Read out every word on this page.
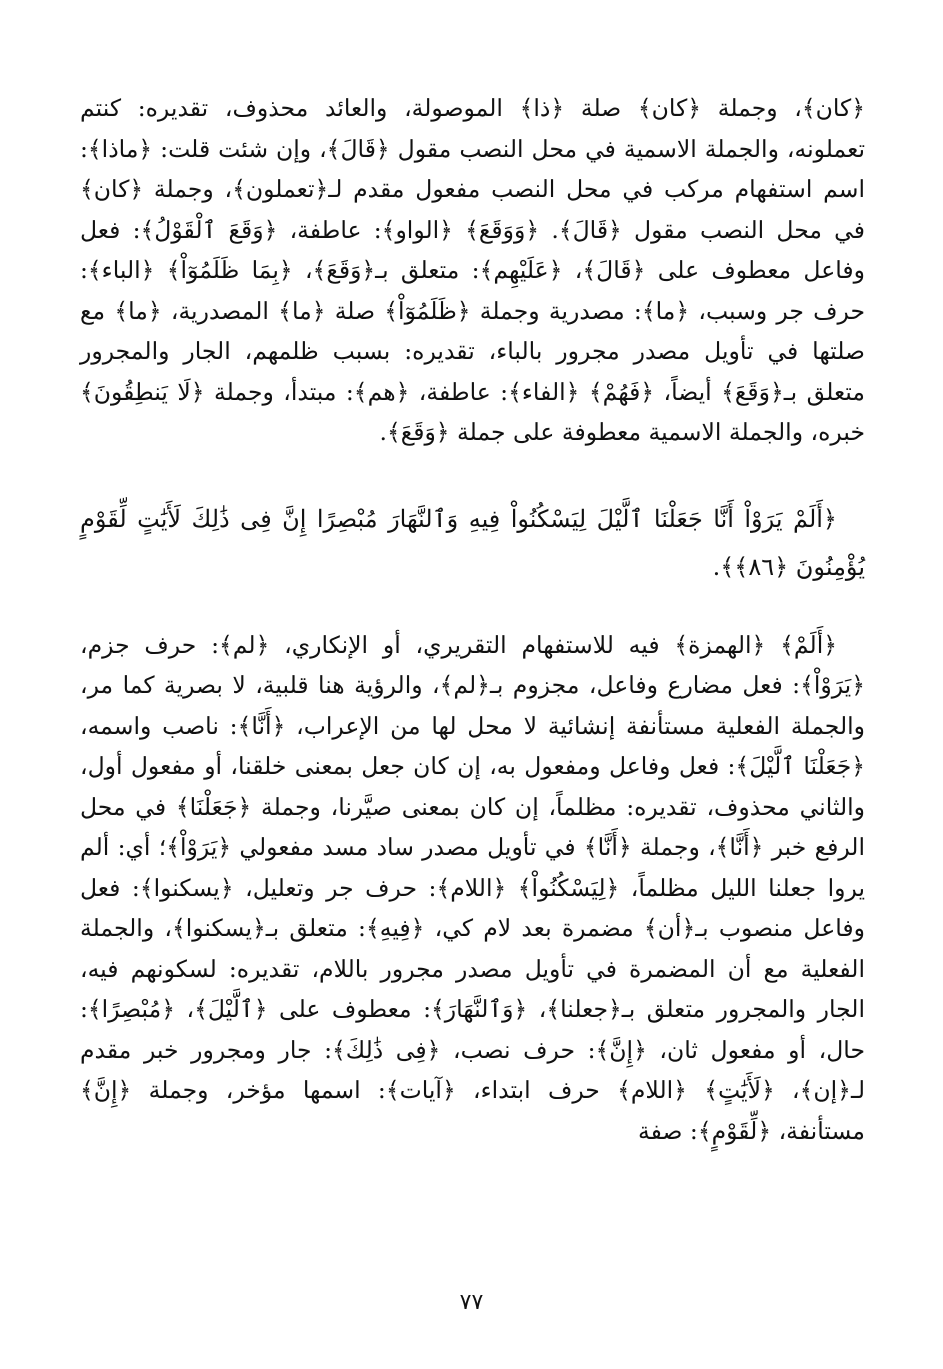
﴿كان﴾، وجملة ﴿كان﴾ صلة ﴿ذا﴾ الموصولة، والعائد محذوف، تقديره: كنتم تعملونه، والجملة الاسمية في محل النصب مقول ﴿قَالَ﴾، وإن شئت قلت: ﴿ماذا﴾: اسم استفهام مركب في محل النصب مفعول مقدم لـ﴿تعملون﴾، وجملة ﴿كان﴾ في محل النصب مقول ﴿قَالَ﴾. ﴿وَوَقَعَ﴾ ﴿الواو﴾: عاطفة، ﴿وَقَعَ ٱلْقَوْلُ﴾: فعل وفاعل معطوف على ﴿قَالَ﴾، ﴿عَلَيْهِم﴾: متعلق بـ﴿وَقَعَ﴾، ﴿بِمَا ظَلَمُوٓاْ﴾ ﴿الباء﴾: حرف جر وسبب، ﴿ما﴾: مصدرية وجملة ﴿ظَلَمُوٓاْ﴾ صلة ﴿ما﴾ المصدرية، ﴿ما﴾ مع صلتها في تأويل مصدر مجرور بالباء، تقديره: بسبب ظلمهم، الجار والمجرور متعلق بـ﴿وَقَعَ﴾ أيضاً، ﴿فَهُمْ﴾ ﴿الفاء﴾: عاطفة، ﴿هم﴾: مبتدأ، وجملة ﴿لَا يَنطِقُونَ﴾ خبره، والجملة الاسمية معطوفة على جملة ﴿وَقَعَ﴾.

﴿أَلَمْ يَرَوْاْ أَنَّا جَعَلْنَا ٱلَّيْلَ لِيَسْكُنُواْ فِيهِ وَٱلنَّهَارَ مُبْصِرًا إِنَّ فِى ذَٰلِكَ لَأَيَٰتٍ لِّقَوْمٍ يُؤْمِنُونَ ﴿٨٦﴾﴾.

﴿أَلَمْ﴾ ﴿الهمزة﴾ فيه للاستفهام التقريري، أو الإنكاري، ﴿لم﴾: حرف جزم، ﴿يَرَوْاْ﴾: فعل مضارع وفاعل، مجزوم بـ﴿لم﴾، والرؤية هنا قلبية، لا بصرية كما مر، والجملة الفعلية مستأنفة إنشائية لا محل لها من الإعراب، ﴿أَنَّا﴾: ناصب واسمه، ﴿جَعَلْنَا ٱلَّيْلَ﴾: فعل وفاعل ومفعول به، إن كان جعل بمعنى خلقنا، أو مفعول أول، والثاني محذوف، تقديره: مظلماً، إن كان بمعنى صيَّرنا، وجملة ﴿جَعَلْنَا﴾ في محل الرفع خبر ﴿أَنَّا﴾، وجملة ﴿أَنَّا﴾ في تأويل مصدر ساد مسد مفعولي ﴿يَرَوْاْ﴾؛ أي: ألم يروا جعلنا الليل مظلماً، ﴿لِيَسْكُنُواْ﴾ ﴿اللام﴾: حرف جر وتعليل، ﴿يسكنوا﴾: فعل وفاعل منصوب بـ﴿أن﴾ مضمرة بعد لام كي، ﴿فِيهِ﴾: متعلق بـ﴿يسكنوا﴾، والجملة الفعلية مع أن المضمرة في تأويل مصدر مجرور باللام، تقديره: لسكونهم فيه، الجار والمجرور متعلق بـ﴿جعلنا﴾، ﴿وَٱلنَّهَارَ﴾: معطوف على ﴿ٱلَّيْلَ﴾، ﴿مُبْصِرًا﴾: حال، أو مفعول ثان، ﴿إِنَّ﴾: حرف نصب، ﴿فِى ذَٰلِكَ﴾: جار ومجرور خبر مقدم لـ﴿إن﴾، ﴿لَأَيَٰتٍ﴾ ﴿اللام﴾ حرف ابتداء، ﴿آيات﴾: اسمها مؤخر، وجملة ﴿إِنَّ﴾ مستأنفة، ﴿لِّقَوْمٍ﴾: صفة

٧٧
